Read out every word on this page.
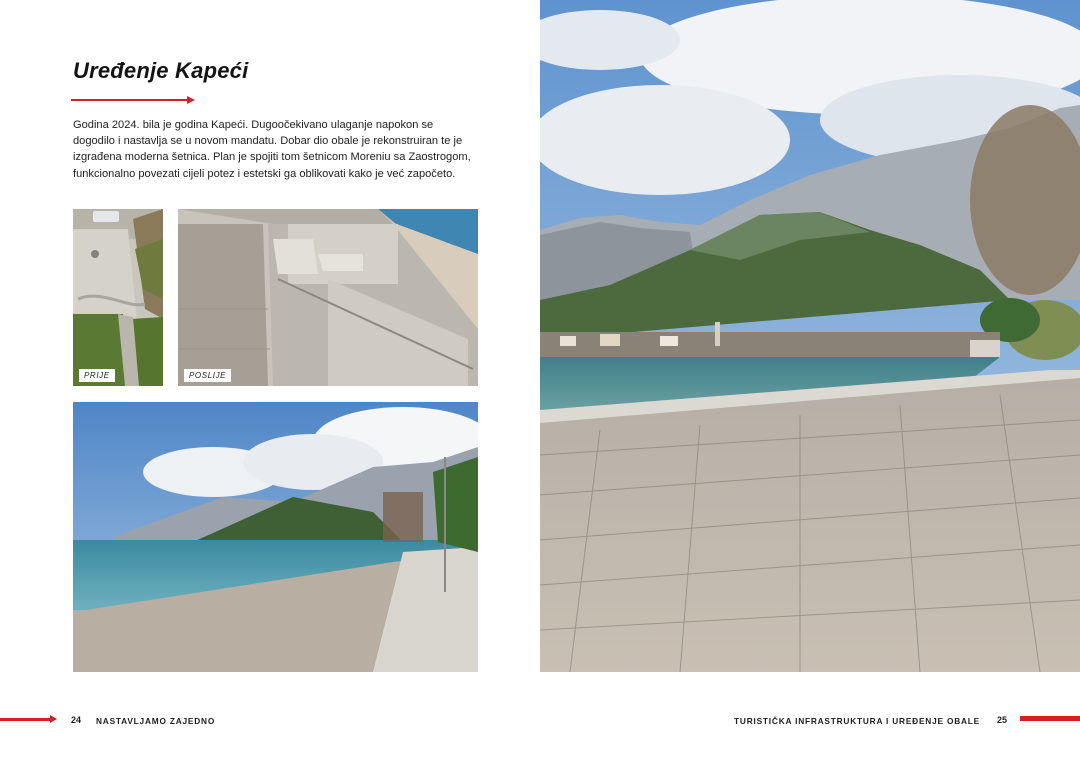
Uređenje Kapeći

Godina 2024. bila je godina Kapeći. Dugoočekivano ulaganje napokon se dogodilo i nastavlja se u novom mandatu. Dobar dio obale je rekonstruiran te je izgrađena moderna šetnica. Plan je spojiti tom šetnicom Moreniu sa Zaostrogom, funkcionalno povezati cijeli potez i estetski ga oblikovati kako je već započeto.

PRIJE	POSLIJE
24 NASTAVLJAMO ZAJEDNO	TURISTIČKA INFRASTRUKTURA I UREĐENJE OBALE 25
